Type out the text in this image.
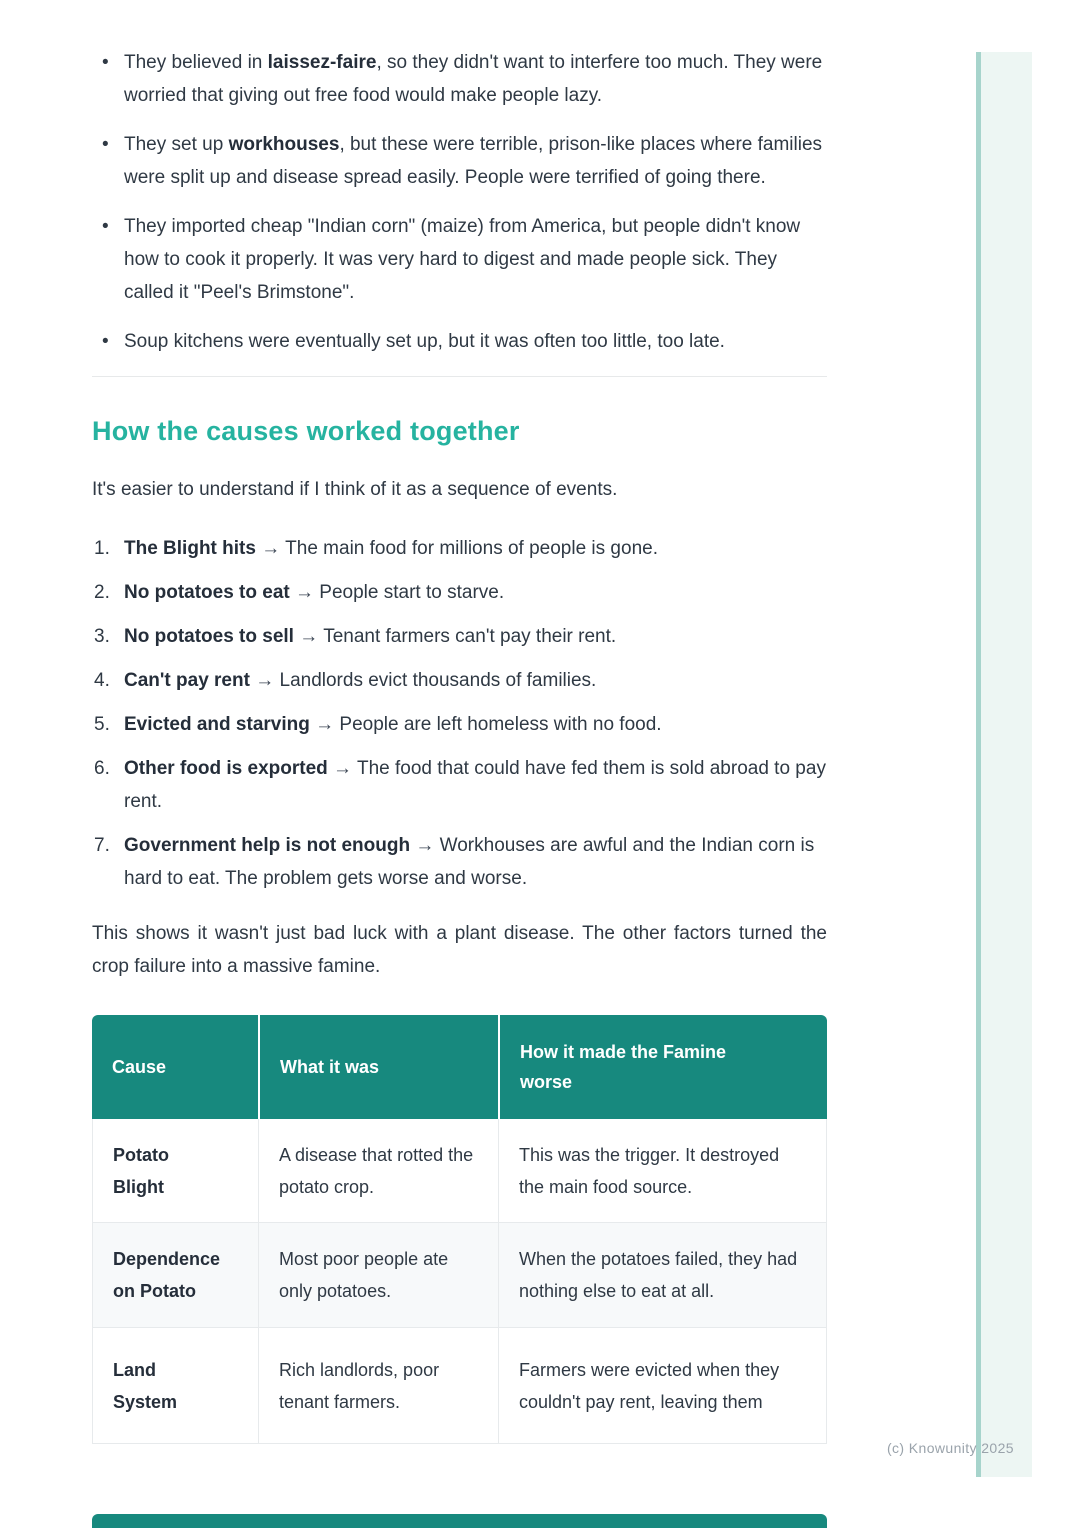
• They believed in laissez-faire, so they didn't want to interfere too much. They were worried that giving out free food would make people lazy.
• They set up workhouses, but these were terrible, prison-like places where families were split up and disease spread easily. People were terrified of going there.
• They imported cheap "Indian corn" (maize) from America, but people didn't know how to cook it properly. It was very hard to digest and made people sick. They called it "Peel's Brimstone".
• Soup kitchens were eventually set up, but it was often too little, too late.
How the causes worked together

It's easier to understand if I think of it as a sequence of events.

1. The Blight hits → The main food for millions of people is gone.
2. No potatoes to eat → People start to starve.
3. No potatoes to sell → Tenant farmers can't pay their rent.
4. Can't pay rent → Landlords evict thousands of families.
5. Evicted and starving → People are left homeless with no food.
6. Other food is exported → The food that could have fed them is sold abroad to pay rent.
7. Government help is not enough → Workhouses are awful and the Indian corn is hard to eat. The problem gets worse and worse.

This shows it wasn't just bad luck with a plant disease. The other factors turned the crop failure into a massive famine.

Cause	What it was	How it made the Famine worse
Potato Blight	A disease that rotted the potato crop.	This was the trigger. It destroyed the main food source.
Dependence on Potato	Most poor people ate only potatoes.	When the potatoes failed, they had nothing else to eat at all.
Land System	Rich landlords, poor tenant farmers.	Farmers were evicted when they couldn't pay rent, leaving them
(c) Knowunity 2025
